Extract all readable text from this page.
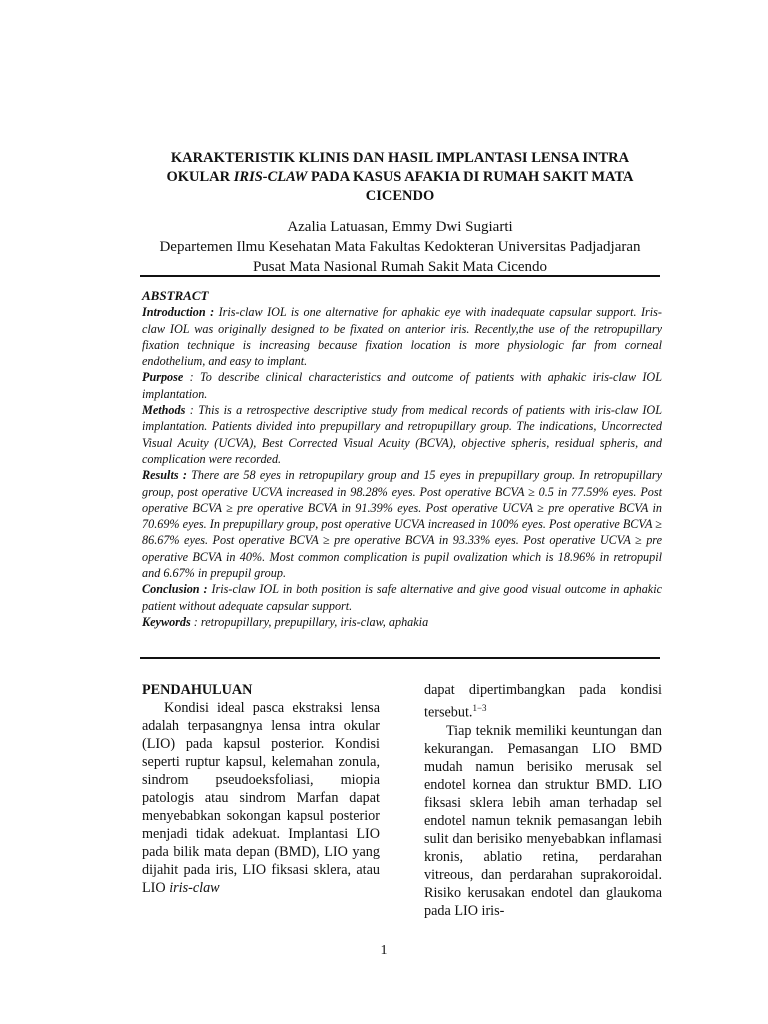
KARAKTERISTIK KLINIS DAN HASIL IMPLANTASI LENSA INTRA
OKULAR IRIS-CLAW PADA KASUS AFAKIA DI RUMAH SAKIT MATA
CICENDO
Azalia Latuasan, Emmy Dwi Sugiarti
Departemen Ilmu Kesehatan Mata Fakultas Kedokteran Universitas Padjadjaran
Pusat Mata Nasional Rumah Sakit Mata Cicendo

ABSTRACT

Introduction : Iris-claw IOL is one alternative for aphakic eye with inadequate capsular support. Iris-claw IOL was originally designed to be fixated on anterior iris. Recently,the use of the retropupillary fixation technique is increasing because fixation location is more physiologic far from corneal endothelium, and easy to implant.

Purpose : To describe clinical characteristics and outcome of patients with aphakic iris-claw IOL implantation.

Methods : This is a retrospective descriptive study from medical records of patients with iris-claw IOL implantation. Patients divided into prepupillary and retropupillary group. The indications, Uncorrected Visual Acuity (UCVA), Best Corrected Visual Acuity (BCVA), objective spheris, residual spheris, and complication were recorded.

Results : There are 58 eyes in retropupilary group and 15 eyes in prepupillary group. In retropupillary group, post operative UCVA increased in 98.28% eyes. Post operative BCVA ≥ 0.5 in 77.59% eyes. Post operative BCVA ≥ pre operative BCVA in 91.39% eyes. Post operative UCVA ≥ pre operative BCVA in 70.69% eyes. In prepupillary group, post operative UCVA increased in 100% eyes. Post operative BCVA ≥ 86.67% eyes. Post operative BCVA ≥ pre operative BCVA in 93.33% eyes. Post operative UCVA ≥ pre operative BCVA in 40%. Most common complication is pupil ovalization which is 18.96% in retropupil and 6.67% in prepupil group.

Conclusion : Iris-claw IOL in both position is safe alternative and give good visual outcome in aphakic patient without adequate capsular support.

Keywords : retropupillary, prepupillary, iris-claw, aphakia

PENDAHULUAN

Kondisi ideal pasca ekstraksi lensa adalah terpasangnya lensa intra okular (LIO) pada kapsul posterior. Kondisi seperti ruptur kapsul, kelemahan zonula, sindrom pseudoeksfoliasi, miopia patologis atau sindrom Marfan dapat menyebabkan sokongan kapsul posterior menjadi tidak adekuat. Implantasi LIO pada bilik mata depan (BMD), LIO yang dijahit pada iris, LIO fiksasi sklera, atau LIO iris-claw

dapat dipertimbangkan pada kondisi tersebut.$^{1-3}$

Tiap teknik memiliki keuntungan dan kekurangan. Pemasangan LIO BMD mudah namun berisiko merusak sel endotel kornea dan struktur BMD. LIO fiksasi sklera lebih aman terhadap sel endotel namun teknik pemasangan lebih sulit dan berisiko menyebabkan inflamasi kronis, ablatio retina, perdarahan vitreous, dan perdarahan suprakoroidal. Risiko kerusakan endotel dan glaukoma pada LIO iris-

1
